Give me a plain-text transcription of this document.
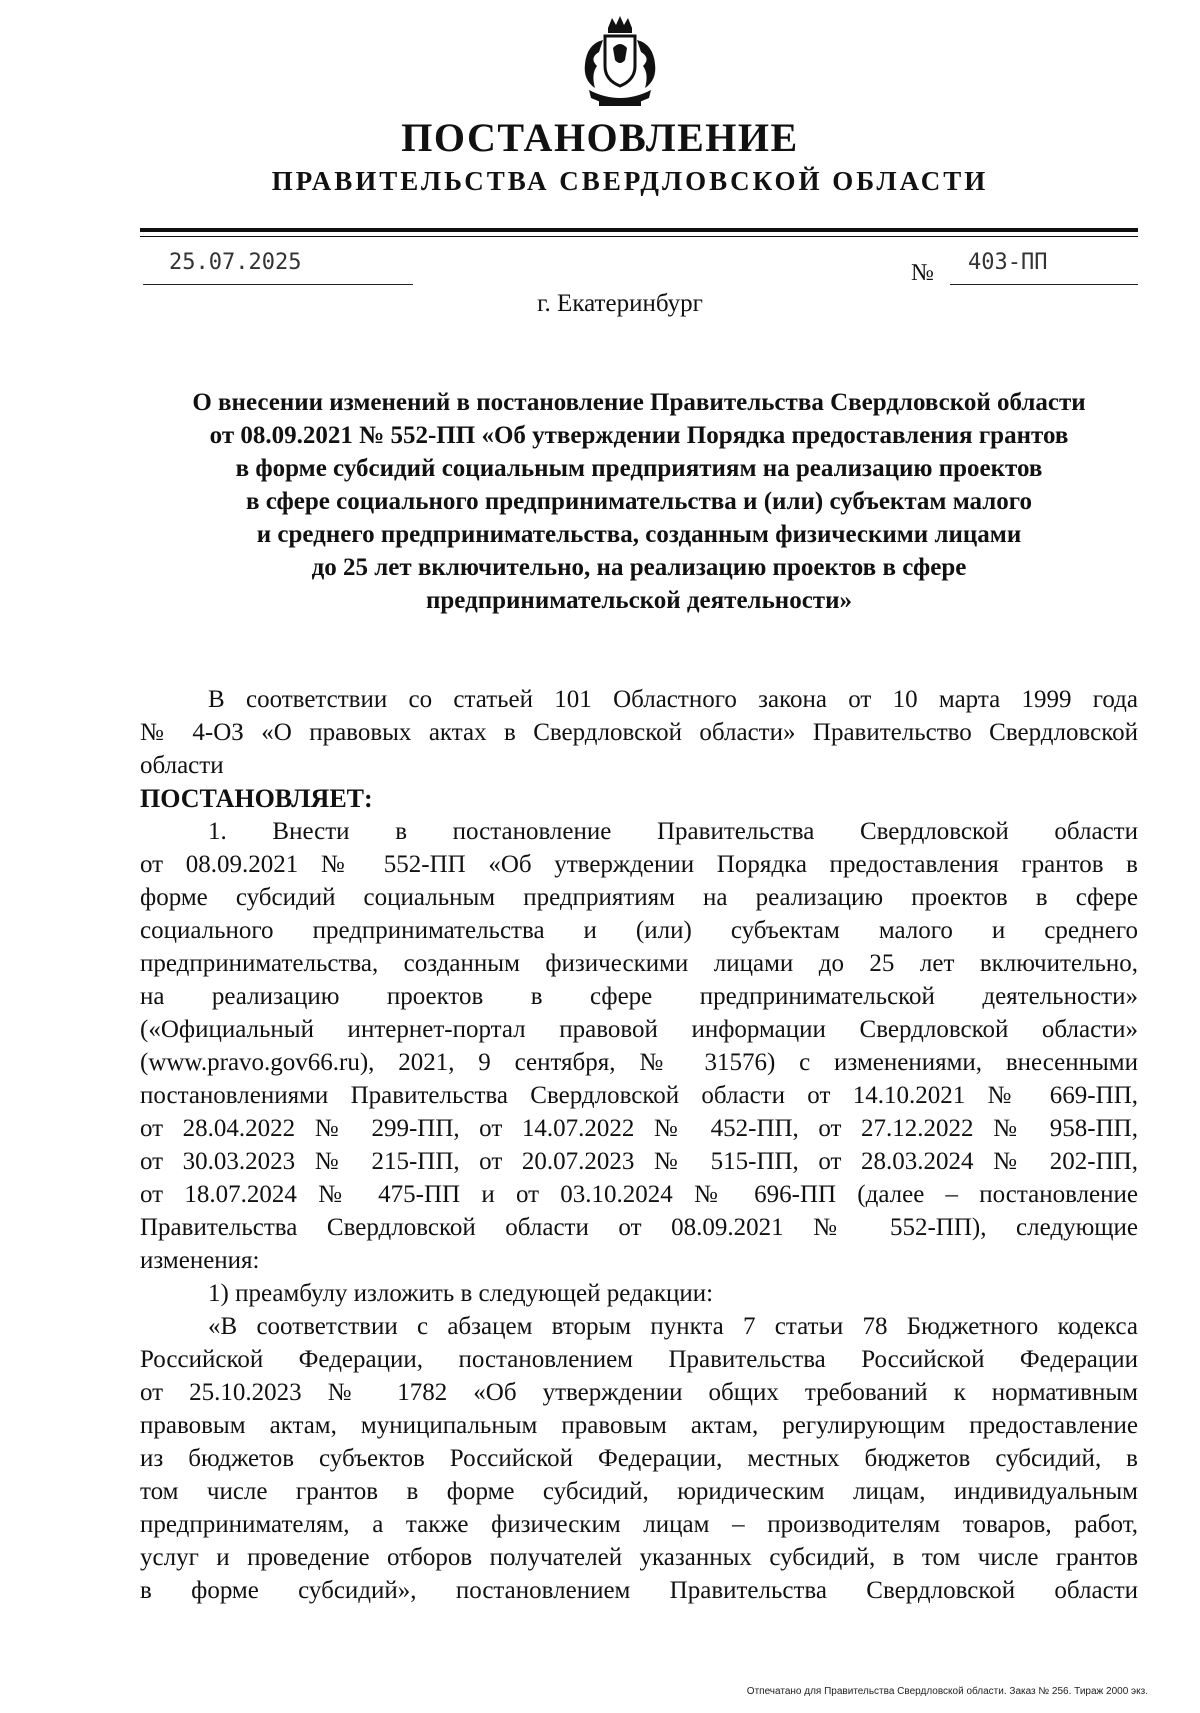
ПОСТАНОВЛЕНИЕ
ПРАВИТЕЛЬСТВА СВЕРДЛОВСКОЙ ОБЛАСТИ
25.07.2025	№ 403-ПП
г. Екатеринбург
О внесении изменений в постановление Правительства Свердловской области
от 08.09.2021 № 552-ПП «Об утверждении Порядка предоставления грантов
в форме субсидий социальным предприятиям на реализацию проектов
в сфере социального предпринимательства и (или) субъектам малого
и среднего предпринимательства, созданным физическими лицами
до 25 лет включительно, на реализацию проектов в сфере
предпринимательской деятельности»
В соответствии со статьей 101 Областного закона от 10 марта 1999 года
№ 4-ОЗ «О правовых актах в Свердловской области» Правительство Свердловской
области
ПОСТАНОВЛЯЕТ:
1. Внести в постановление Правительства Свердловской области
от 08.09.2021 № 552-ПП «Об утверждении Порядка предоставления грантов в
форме субсидий социальным предприятиям на реализацию проектов в сфере
социального предпринимательства и (или) субъектам малого и среднего
предпринимательства, созданным физическими лицами до 25 лет включительно,
на реализацию проектов в сфере предпринимательской деятельности»
(«Официальный интернет-портал правовой информации Свердловской области»
(www.pravo.gov66.ru), 2021, 9 сентября, № 31576) с изменениями, внесенными
постановлениями Правительства Свердловской области от 14.10.2021 № 669-ПП,
от 28.04.2022 № 299-ПП, от 14.07.2022 № 452-ПП, от 27.12.2022 № 958-ПП,
от 30.03.2023 № 215-ПП, от 20.07.2023 № 515-ПП, от 28.03.2024 № 202-ПП,
от 18.07.2024 № 475-ПП и от 03.10.2024 № 696-ПП (далее – постановление
Правительства Свердловской области от 08.09.2021 № 552-ПП), следующие
изменения:
1) преамбулу изложить в следующей редакции:
«В соответствии с абзацем вторым пункта 7 статьи 78 Бюджетного кодекса
Российской Федерации, постановлением Правительства Российской Федерации
от 25.10.2023 № 1782 «Об утверждении общих требований к нормативным
правовым актам, муниципальным правовым актам, регулирующим предоставление
из бюджетов субъектов Российской Федерации, местных бюджетов субсидий, в
том числе грантов в форме субсидий, юридическим лицам, индивидуальным
предпринимателям, а также физическим лицам – производителям товаров, работ,
услуг и проведение отборов получателей указанных субсидий, в том числе грантов
в форме субсидий», постановлением Правительства Свердловской области
Отпечатано для Правительства Свердловской области. Заказ № 256. Тираж 2000 экз.
